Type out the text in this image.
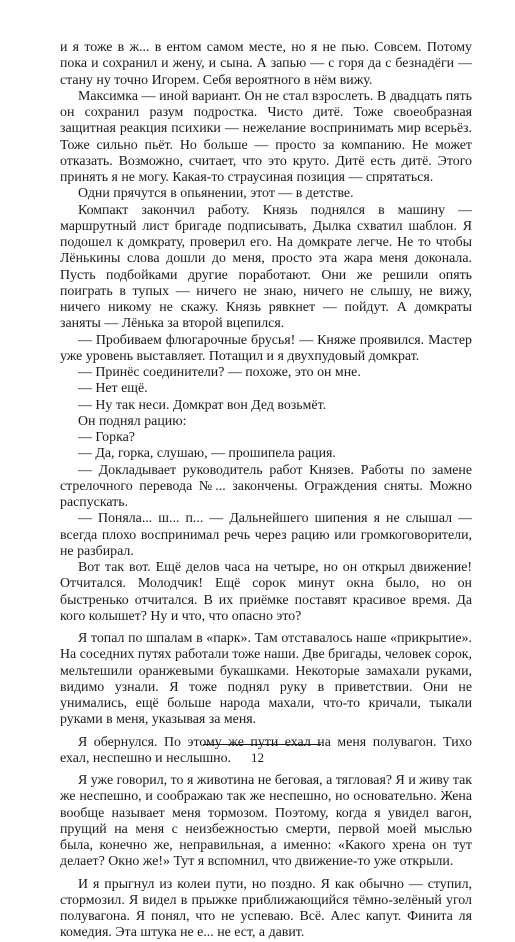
и я тоже в ж... в ентом самом месте, но я не пью. Совсем. Потому пока и сохранил и жену, и сына. А запью — с горя да с безнадёги — стану ну точно Игорем. Себя вероятного в нём вижу.

Максимка — иной вариант. Он не стал взрослеть. В двадцать пять он сохранил разум подростка. Чисто дитё. Тоже своеобразная защитная реакция психики — нежелание воспринимать мир всерьёз. Тоже сильно пьёт. Но больше — просто за компанию. Не может отказать. Возможно, считает, что это круто. Дитё есть дитё. Этого принять я не могу. Какая-то страусиная позиция — спрятаться.

Одни прячутся в опьянении, этот — в детстве.

Компакт закончил работу. Князь поднялся в машину — маршрутный лист бригаде подписывать, Дылка схватил шаблон. Я подошел к домкрату, проверил его. На домкрате легче. Не то чтобы Лёнькины слова дошли до меня, просто эта жара меня доконала. Пусть подбойками другие поработают. Они же решили опять поиграть в тупых — ничего не знаю, ничего не слышу, не вижу, ничего никому не скажу. Князь рявкнет — пойдут. А домкраты заняты — Лёнька за второй вцепился.

— Пробиваем флюгарочные брусья! — Княже проявился. Мастер уже уровень выставляет. Потащил и я двухпудовый домкрат.

— Принёс соединители? — похоже, это он мне.

— Нет ещё.

— Ну так неси. Домкрат вон Дед возьмёт.

Он поднял рацию:

— Горка?

— Да, горка, слушаю, — прошипела рация.

— Докладывает руководитель работ Князев. Работы по замене стрелочного перевода №... закончены. Ограждения сняты. Можно распускать.

— Поняла... ш... п... — Дальнейшего шипения я не слышал — всегда плохо воспринимал речь через рацию или громкоговорители, не разбирал.

Вот так вот. Ещё делов часа на четыре, но он открыл движение! Отчитался. Молодчик! Ещё сорок минут окна было, но он быстренько отчитался. В их приёмке поставят красивое время. Да кого колышет? Ну и что, что опасно это?

Я топал по шпалам в «парк». Там отставалось наше «прикрытие». На соседних путях работали тоже наши. Две бригады, человек сорок, мельтешили оранжевыми букашками. Некоторые замахали руками, видимо узнали. Я тоже поднял руку в приветствии. Они не унимались, ещё больше народа махали, что-то кричали, тыкали руками в меня, указывая за меня.

Я обернулся. По этому же пути ехал на меня полувагон. Тихо ехал, неспешно и неслышно.

Я уже говорил, то я животина не беговая, а тягловая? Я и живу так же неспешно, и соображаю так же неспешно, но основательно. Жена вообще называет меня тормозом. Поэтому, когда я увидел вагон, прущий на меня с неизбежностью смерти, первой моей мыслью была, конечно же, неправильная, а именно: «Какого хрена он тут делает? Окно же!» Тут я вспомнил, что движение-то уже открыли.

И я прыгнул из колеи пути, но поздно. Я как обычно — ступил, стормозил. Я видел в прыжке приближающийся тёмно-зелёный угол полувагона. Я понял, что не успеваю. Всё. Алес капут. Финита ля комедия. Эта штука не е... не ест, а давит.

12
